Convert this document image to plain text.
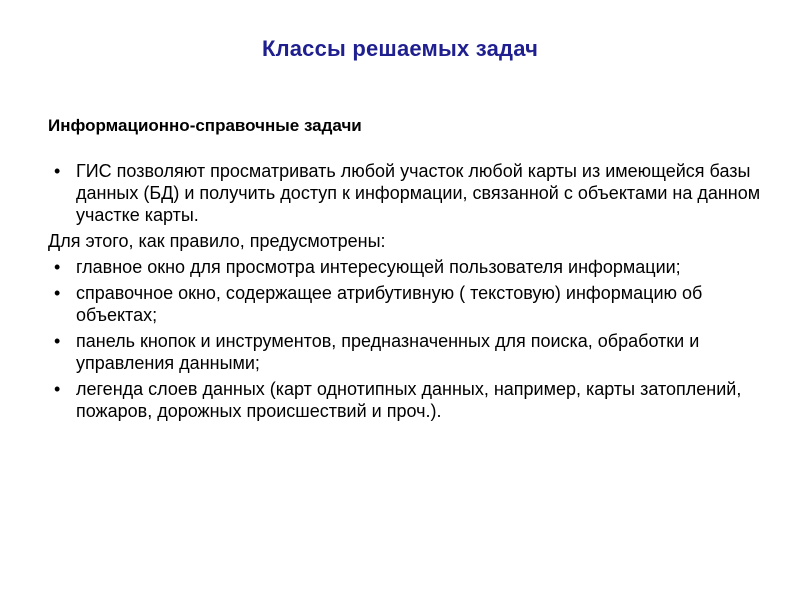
Классы решаемых задач
Информационно-справочные задачи
• ГИС позволяют просматривать любой участок любой карты из имеющейся базы данных (БД) и получить доступ к информации, связанной с объектами на данном участке карты.
Для этого, как правило, предусмотрены:
• главное окно для просмотра интересующей пользователя информации;
• справочное окно, содержащее атрибутивную ( текстовую) информацию об объектах;
• панель кнопок и инструментов, предназначенных для поиска, обработки и управления данными;
• легенда слоев данных (карт однотипных данных, например, карты затоплений, пожаров, дорожных происшествий и проч.).
